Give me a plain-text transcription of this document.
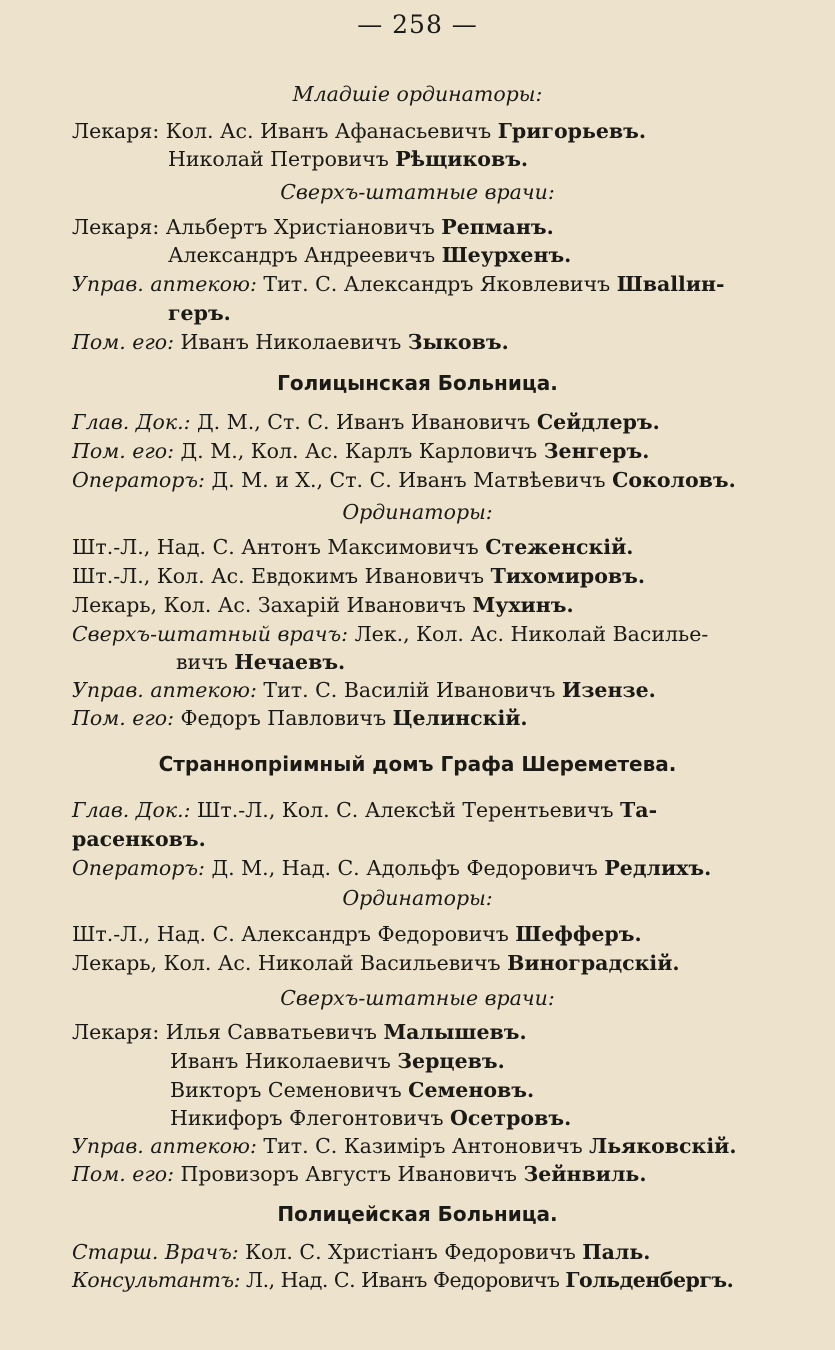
— 258 —
Младшiе ординаторы:
Лекаря: Кол. Ас. Иванъ Афанасьевичъ Григорьевъ.
Николай Петровичъ Рѣщиковъ.
Сверхъ-штатные врачи:
Лекаря: Альбертъ Христiановичъ Репманъ.
Александръ Андреевичъ Шеурхенъ.
Управ. аптекою: Тит. С. Александръ Яковлевичъ Швallин-
геръ.
Пом. его: Иванъ Николаевичъ Зыковъ.
Голицынская Больница.
Глав. Док.: Д. М., Ст. С. Иванъ Ивановичъ Сейдлеръ.
Пом. его: Д. М., Кол. Ас. Карлъ Карловичъ Зенгеръ.
Операторъ: Д. М. и Х., Ст. С. Иванъ Матвѣевичъ Соколовъ.
Ординаторы:
Шт.-Л., Над. С. Антонъ Максимовичъ Стеженскiй.
Шт.-Л., Кол. Ас. Евдокимъ Ивановичъ Тихомировъ.
Лекарь, Кол. Ас. Захарiй Ивановичъ Мухинъ.
Сверхъ-штатный врачъ: Лек., Кол. Ас. Николай Василье-
вичъ Нечаевъ.
Управ. аптекою: Тит. С. Василiй Ивановичъ Изензе.
Пом. его: Федоръ Павловичъ Целинскiй.
Страннопрiимный домъ Графа Шереметева.
Глав. Док.: Шт.-Л., Кол. С. Алексѣй Терентьевичъ Та-
расенковъ.
Операторъ: Д. М., Над. С. Адольфъ Федоровичъ Редлихъ.
Ординаторы:
Шт.-Л., Над. С. Александръ Федоровичъ Шефферъ.
Лекарь, Кол. Ас. Николай Васильевичъ Виноградскiй.
Сверхъ-штатные врачи:
Лекаря: Илья Савватьевичъ Малышевъ.
Иванъ Николаевичъ Зерцевъ.
Викторъ Семеновичъ Семеновъ.
Никифоръ Флегонтовичъ Осетровъ.
Управ. аптекою: Тит. С. Казимiръ Антоновичъ Льяковскiй.
Пом. его: Провизоръ Августъ Ивановичъ Зейнвиль.
Полицейская Больница.
Старш. Врачъ: Кол. С. Христiанъ Федоровичъ Паль.
Консультантъ: Л., Над. С. Иванъ Федоровичъ Гольденбергъ.
